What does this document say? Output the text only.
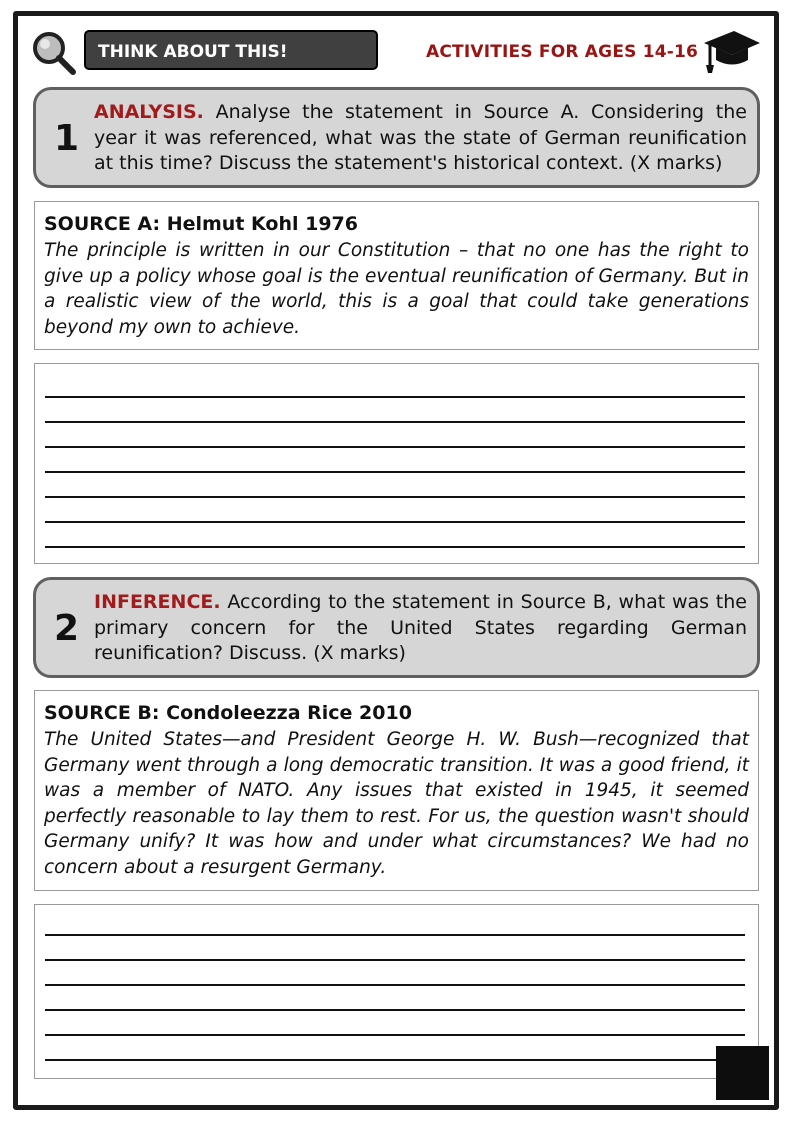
THINK ABOUT THIS!	ACTIVITIES FOR AGES 14-16
1
ANALYSIS. Analyse the statement in Source A. Considering the year it was referenced, what was the state of German reunification at this time? Discuss the statement's historical context. (X marks)
SOURCE A: Helmut Kohl 1976
The principle is written in our Constitution – that no one has the right to give up a policy whose goal is the eventual reunification of Germany. But in a realistic view of the world, this is a goal that could take generations beyond my own to achieve.
2
INFERENCE. According to the statement in Source B, what was the primary concern for the United States regarding German reunification? Discuss. (X marks)
SOURCE B: Condoleezza Rice 2010
The United States—and President George H. W. Bush—recognized that Germany went through a long democratic transition. It was a good friend, it was a member of NATO. Any issues that existed in 1945, it seemed perfectly reasonable to lay them to rest. For us, the question wasn't should Germany unify? It was how and under what circumstances? We had no concern about a resurgent Germany.
